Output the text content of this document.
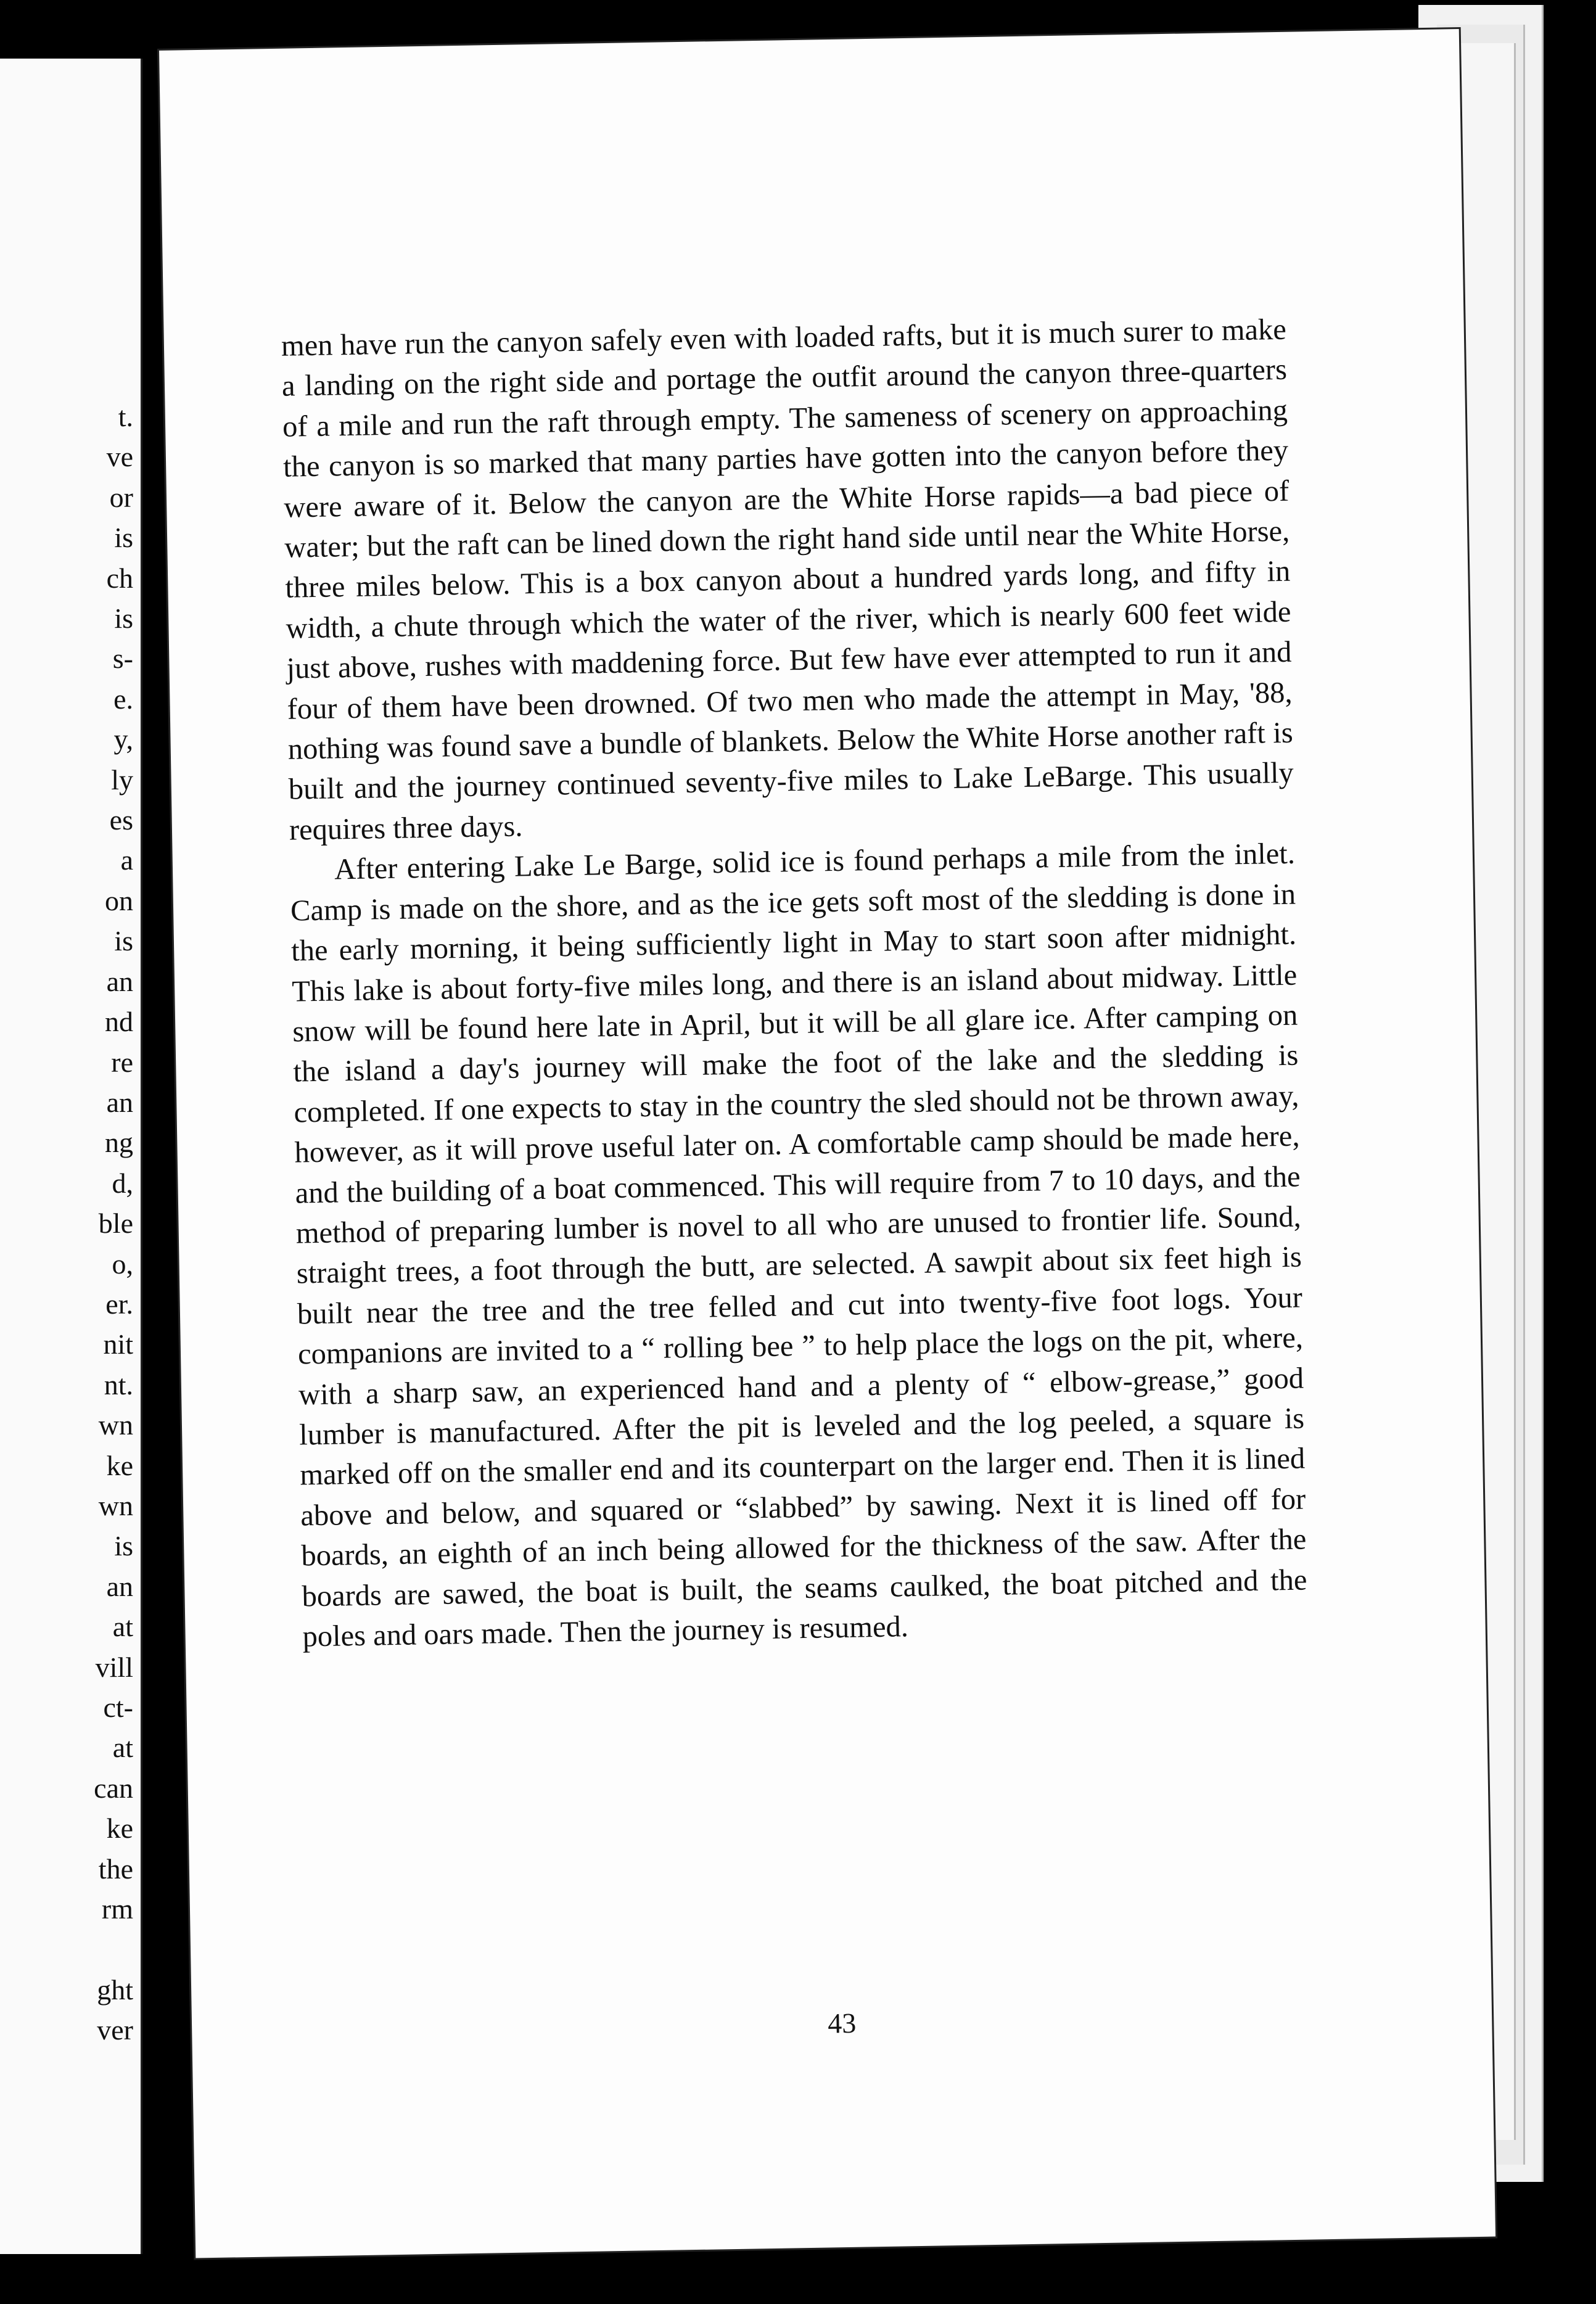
t.
ve
or
is
ch
is
s-
e.
y,
ly
es
a
on
is
an
nd
re
an
ng
d,
ble
o,
er.
nit
nt.
wn
ke
wn
is
an
at
vill
ct-
at
can
ke
the
rm

ght
ver

men have run the canyon safely even with loaded rafts, but it is much surer to make a landing on the right side and portage the outfit around the canyon three-quarters of a mile and run the raft through empty. The sameness of scenery on approaching the canyon is so marked that many parties have gotten into the canyon before they were aware of it. Below the canyon are the White Horse rapids—a bad piece of water; but the raft can be lined down the right hand side until near the White Horse, three miles below. This is a box canyon about a hundred yards long, and fifty in width, a chute through which the water of the river, which is nearly 600 feet wide just above, rushes with maddening force. But few have ever attempted to run it and four of them have been drowned. Of two men who made the attempt in May, '88, nothing was found save a bundle of blankets. Below the White Horse another raft is built and the journey continued seventy-five miles to Lake LeBarge. This usually requires three days.

After entering Lake Le Barge, solid ice is found perhaps a mile from the inlet. Camp is made on the shore, and as the ice gets soft most of the sledding is done in the early morning, it being sufficiently light in May to start soon after midnight. This lake is about forty-five miles long, and there is an island about midway. Little snow will be found here late in April, but it will be all glare ice. After camping on the island a day's journey will make the foot of the lake and the sledding is completed. If one expects to stay in the country the sled should not be thrown away, however, as it will prove useful later on. A comfortable camp should be made here, and the building of a boat commenced. This will require from 7 to 10 days, and the method of preparing lumber is novel to all who are unused to frontier life. Sound, straight trees, a foot through the butt, are selected. A sawpit about six feet high is built near the tree and the tree felled and cut into twenty-five foot logs. Your companions are invited to a “ rolling bee ” to help place the logs on the pit, where, with a sharp saw, an experienced hand and a plenty of “ elbow-grease,” good lumber is manufactured. After the pit is leveled and the log peeled, a square is marked off on the smaller end and its counterpart on the larger end. Then it is lined above and below, and squared or “slabbed” by sawing. Next it is lined off for boards, an eighth of an inch being allowed for the thickness of the saw. After the boards are sawed, the boat is built, the seams caulked, the boat pitched and the poles and oars made. Then the journey is resumed.

43
